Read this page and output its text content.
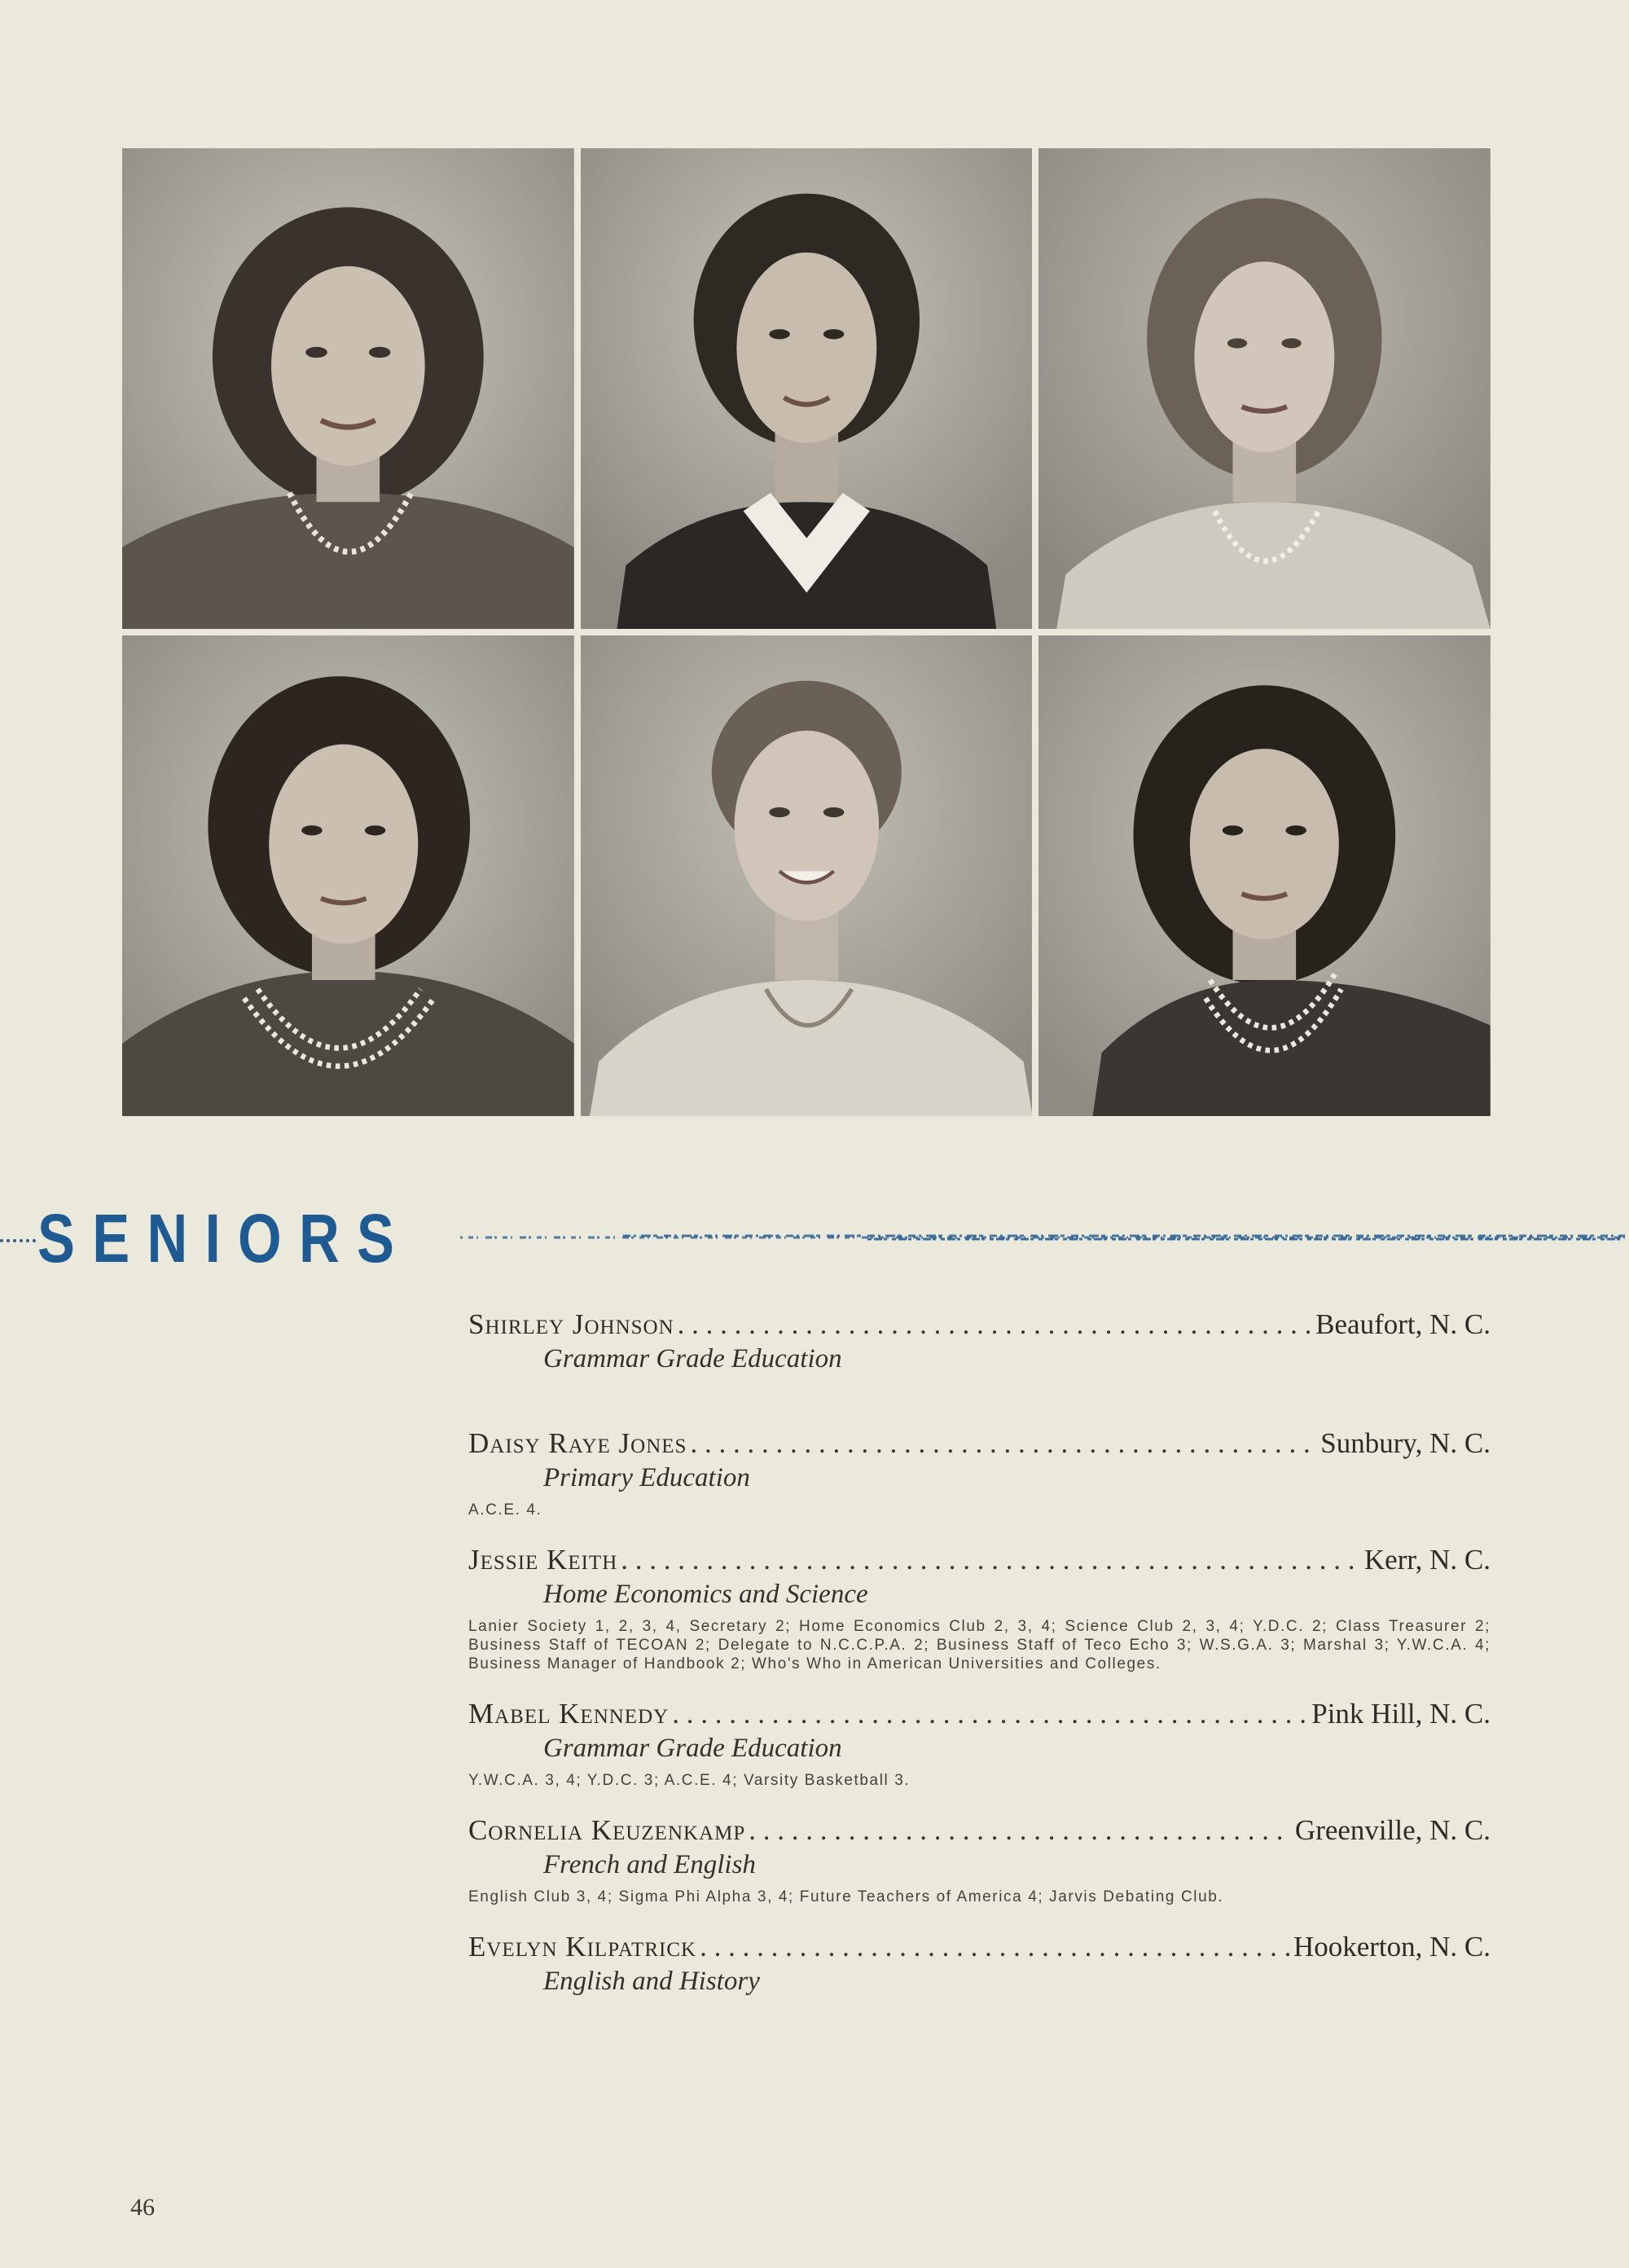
SENIORS
Shirley Johnson . . .	Beaufort, N. C.
Grammar Grade Education
Daisy Raye Jones . . .	Sunbury, N. C.
Primary Education
A.C.E. 4.
Jessie Keith . . .	Kerr, N. C.
Home Economics and Science
Lanier Society 1, 2, 3, 4, Secretary 2; Home Economics Club 2, 3, 4; Science Club 2, 3, 4; Y.D.C. 2; Class Treasurer 2; Business Staff of TECOAN 2; Delegate to N.C.C.P.A. 2; Business Staff of Teco Echo 3; W.S.G.A. 3; Marshal 3; Y.W.C.A. 4; Business Manager of Handbook 2; Who's Who in American Universities and Colleges.
Mabel Kennedy . . .	Pink Hill, N. C.
Grammar Grade Education
Y.W.C.A. 3, 4; Y.D.C. 3; A.C.E. 4; Varsity Basketball 3.
Cornelia Keuzenkamp . . .	Greenville, N. C.
French and English
English Club 3, 4; Sigma Phi Alpha 3, 4; Future Teachers of America 4; Jarvis Debating Club.
Evelyn Kilpatrick . . .	Hookerton, N. C.
English and History
46
